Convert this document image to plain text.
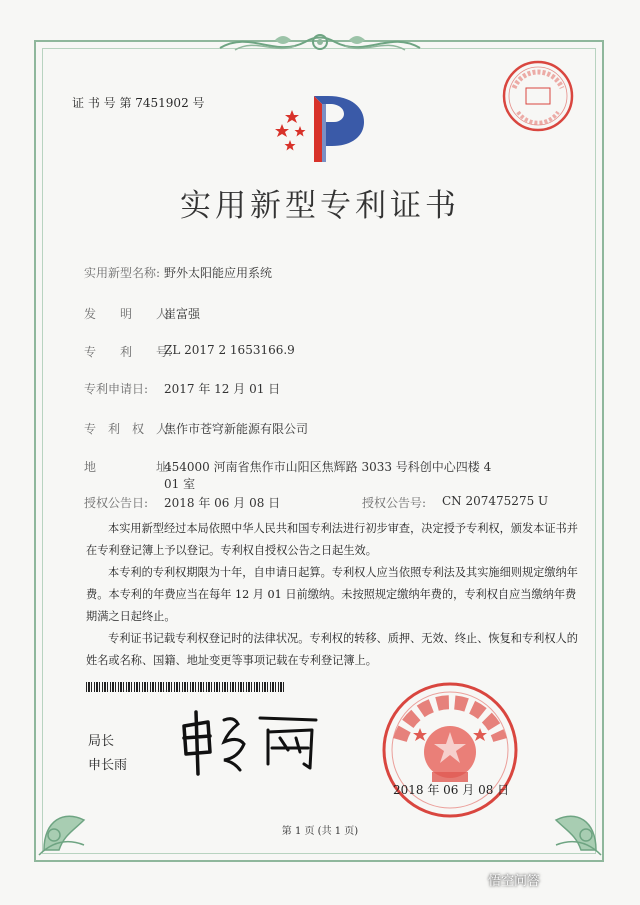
证 书 号 第 7451902 号
实用新型专利证书
实用新型名称: 野外太阳能应用系统
发　　明　　人:
崔富强
专　　利　　号:
ZL 2017 2 1653166.9
专利申请日: 2017 年 12 月 01 日
专　利　权　人:
焦作市苍穹新能源有限公司
地　　　　　址:
454000 河南省焦作市山阳区焦辉路 3033 号科创中心四楼 4
01 室
授权公告日: 2018 年 06 月 08 日	授权公告号: CN 207475275 U
本实用新型经过本局依照中华人民共和国专利法进行初步审查，决定授予专利权，颁发本证书并在专利登记簿上予以登记。专利权自授权公告之日起生效。
本专利的专利权期限为十年，自申请日起算。专利权人应当依照专利法及其实施细则规定缴纳年费。本专利的年费应当在每年 12 月 01 日前缴纳。未按照规定缴纳年费的，专利权自应当缴纳年费期满之日起终止。
专利证书记载专利权登记时的法律状况。专利权的转移、质押、无效、终止、恢复和专利权人的姓名或名称、国籍、地址变更等事项记载在专利登记簿上。
局长
申长雨
2018 年 06 月 08 日
第 1 页 (共 1 页)
悟空问答
